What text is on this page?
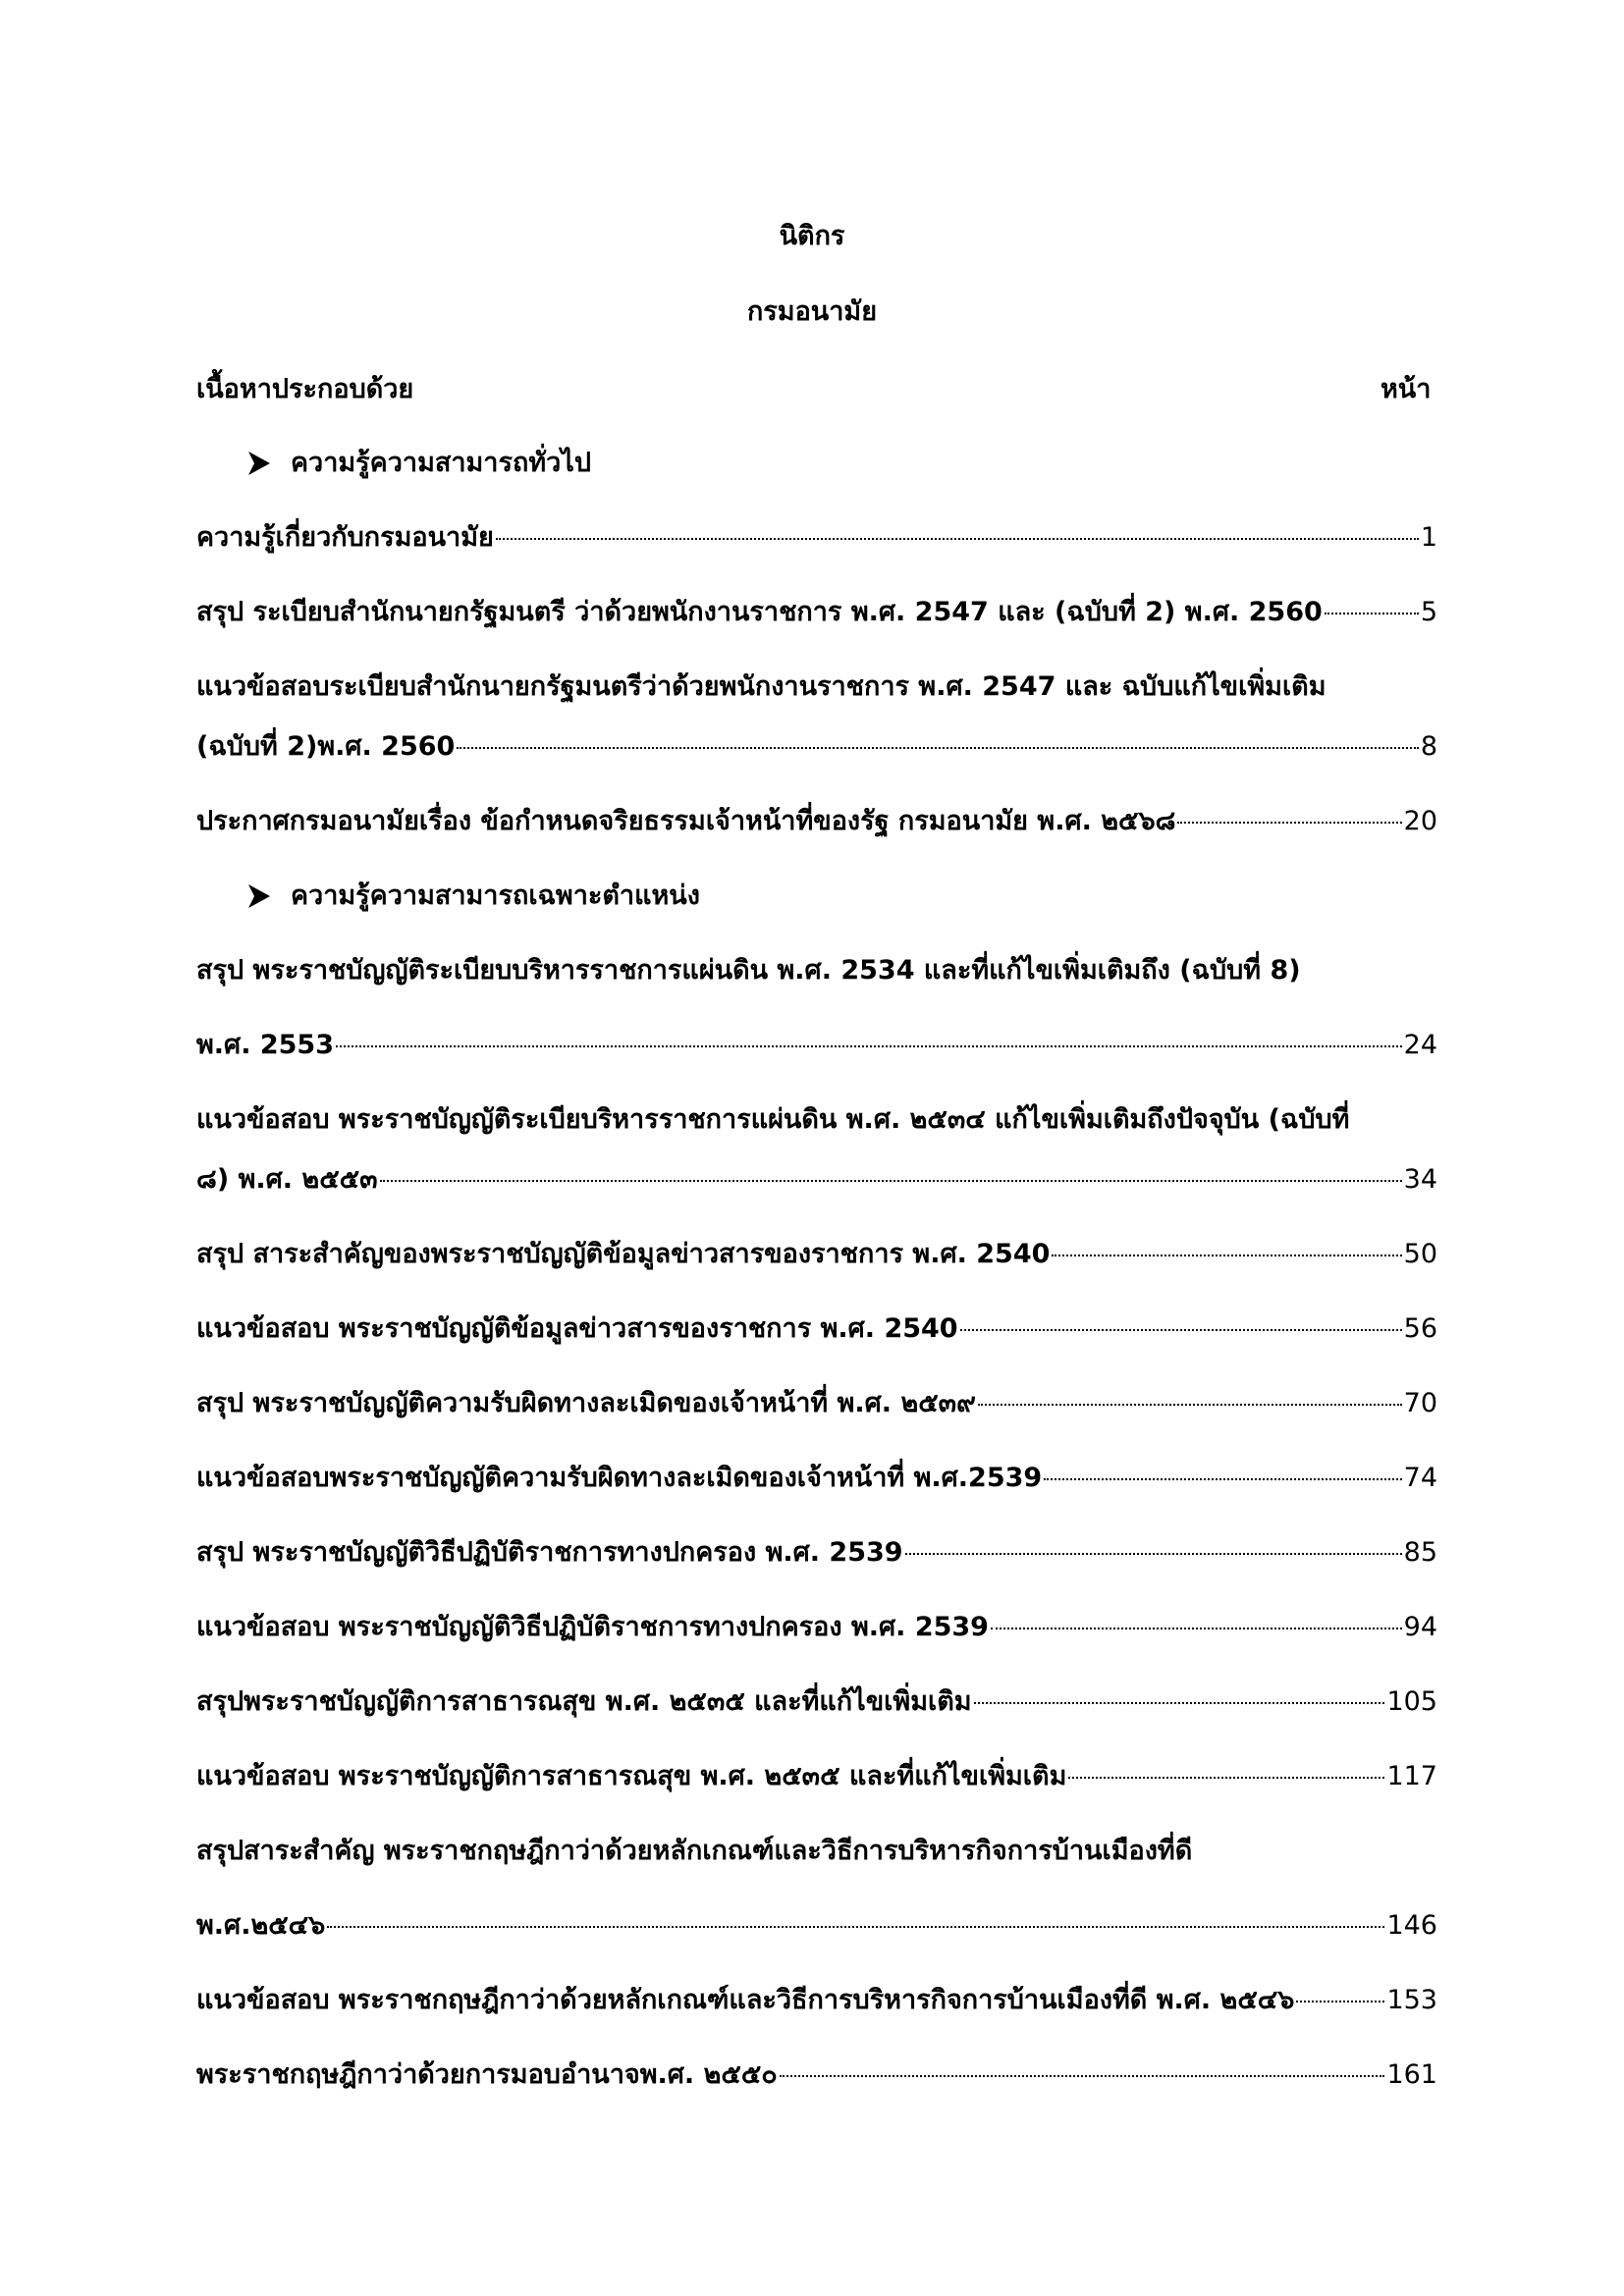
นิติกร
กรมอนามัย
เนื้อหาประกอบด้วย	หน้า
ความรู้ความสามารถทั่วไป
ความรู้เกี่ยวกับกรมอนามัย	1
สรุป ระเบียบสำนักนายกรัฐมนตรี ว่าด้วยพนักงานราชการ พ.ศ. 2547 และ (ฉบับที่ 2) พ.ศ. 2560	5
แนวข้อสอบระเบียบสำนักนายกรัฐมนตรีว่าด้วยพนักงานราชการ พ.ศ. 2547 และ ฉบับแก้ไขเพิ่มเติม
(ฉบับที่ 2)พ.ศ. 2560	8
ประกาศกรมอนามัยเรื่อง ข้อกำหนดจริยธรรมเจ้าหน้าที่ของรัฐ กรมอนามัย พ.ศ. ๒๕๖๘	20
ความรู้ความสามารถเฉพาะตำแหน่ง
สรุป พระราชบัญญัติระเบียบบริหารราชการแผ่นดิน พ.ศ. 2534 และที่แก้ไขเพิ่มเติมถึง (ฉบับที่ 8)
พ.ศ. 2553	24
แนวข้อสอบ พระราชบัญญัติระเบียบริหารราชการแผ่นดิน พ.ศ. ๒๕๓๔ แก้ไขเพิ่มเติมถึงปัจจุบัน (ฉบับที่
๘) พ.ศ. ๒๕๕๓	34
สรุป สาระสำคัญของพระราชบัญญัติข้อมูลข่าวสารของราชการ พ.ศ. 2540	50
แนวข้อสอบ พระราชบัญญัติข้อมูลข่าวสารของราชการ พ.ศ. 2540	56
สรุป พระราชบัญญัติความรับผิดทางละเมิดของเจ้าหน้าที่ พ.ศ. ๒๕๓๙	70
แนวข้อสอบพระราชบัญญัติความรับผิดทางละเมิดของเจ้าหน้าที่ พ.ศ.2539	74
สรุป พระราชบัญญัติวิธีปฏิบัติราชการทางปกครอง พ.ศ. 2539	85
แนวข้อสอบ พระราชบัญญัติวิธีปฏิบัติราชการทางปกครอง พ.ศ. 2539	94
สรุปพระราชบัญญัติการสาธารณสุข พ.ศ. ๒๕๓๕ และที่แก้ไขเพิ่มเติม	105
แนวข้อสอบ พระราชบัญญัติการสาธารณสุข พ.ศ. ๒๕๓๕ และที่แก้ไขเพิ่มเติม	117
สรุปสาระสำคัญ พระราชกฤษฎีกาว่าด้วยหลักเกณฑ์และวิธีการบริหารกิจการบ้านเมืองที่ดี
พ.ศ.๒๕๔๖	146
แนวข้อสอบ พระราชกฤษฎีกาว่าด้วยหลักเกณฑ์และวิธีการบริหารกิจการบ้านเมืองที่ดี พ.ศ. ๒๕๔๖	153
พระราชกฤษฎีกาว่าด้วยการมอบอำนาจพ.ศ. ๒๕๕๐	161
